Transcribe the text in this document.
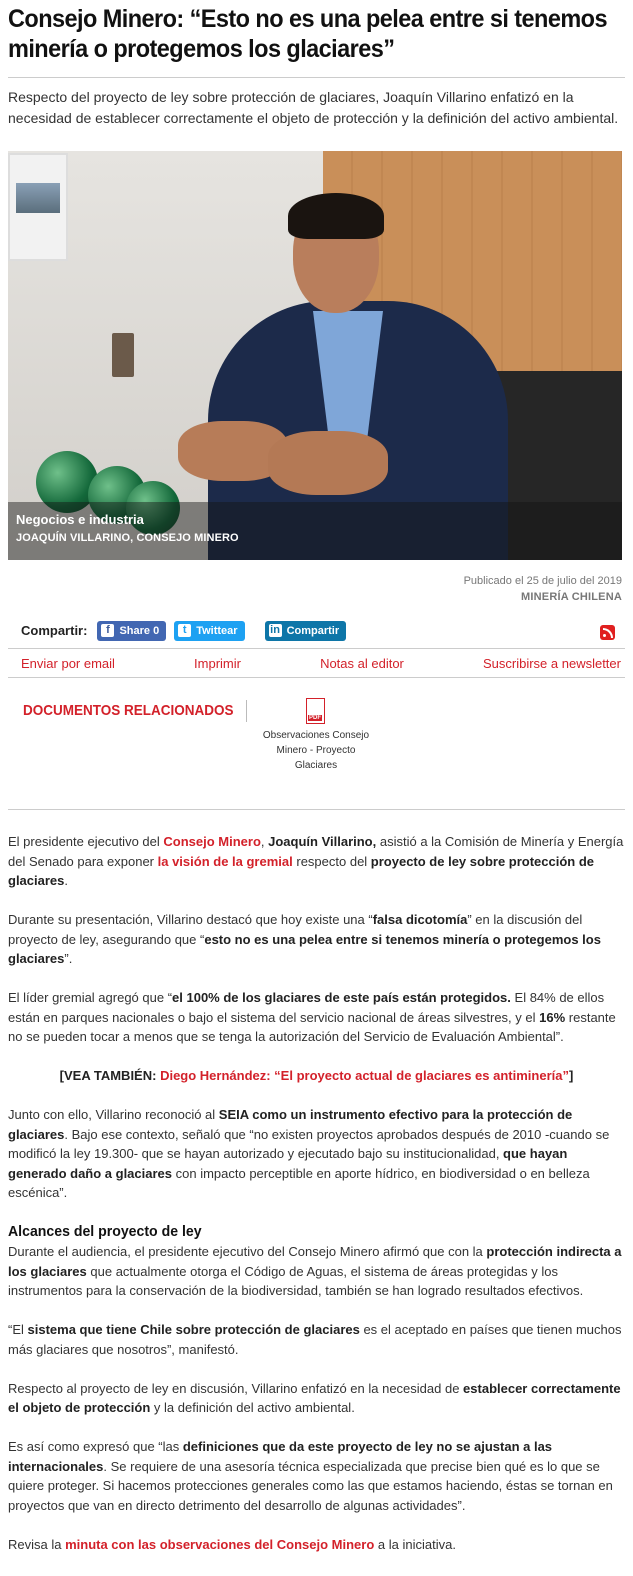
Consejo Minero: “Esto no es una pelea entre si tenemos minería o protegemos los glaciares”

Respecto del proyecto de ley sobre protección de glaciares, Joaquín Villarino enfatizó en la necesidad de establecer correctamente el objeto de protección y la definición del activo ambiental.

Negocios e industria
JOAQUÍN VILLARINO, CONSEJO MINERO
Publicado el 25 de julio del 2019
MINERÍA CHILENA
Compartir:	f Share 0	t Twittear	in Compartir
Enviar por email	Imprimir	Notas al editor	Suscribirse a newsletter
DOCUMENTOS RELACIONADOS	PDF
Observaciones Consejo Minero - Proyecto Glaciares

El presidente ejecutivo del Consejo Minero, Joaquín Villarino, asistió a la Comisión de Minería y Energía del Senado para exponer la visión de la gremial respecto del proyecto de ley sobre protección de glaciares.

Durante su presentación, Villarino destacó que hoy existe una “falsa dicotomía” en la discusión del proyecto de ley, asegurando que “esto no es una pelea entre si tenemos minería o protegemos los glaciares”.

El líder gremial agregó que “el 100% de los glaciares de este país están protegidos. El 84% de ellos están en parques nacionales o bajo el sistema del servicio nacional de áreas silvestres, y el 16% restante no se pueden tocar a menos que se tenga la autorización del Servicio de Evaluación Ambiental”.

[VEA TAMBIÉN: Diego Hernández: “El proyecto actual de glaciares es antiminería”]

Junto con ello, Villarino reconoció al SEIA como un instrumento efectivo para la protección de glaciares. Bajo ese contexto, señaló que “no existen proyectos aprobados después de 2010 -cuando se modificó la ley 19.300- que se hayan autorizado y ejecutado bajo su institucionalidad, que hayan generado daño a glaciares con impacto perceptible en aporte hídrico, en biodiversidad o en belleza escénica”.

Alcances del proyecto de ley

Durante el audiencia, el presidente ejecutivo del Consejo Minero afirmó que con la protección indirecta a los glaciares que actualmente otorga el Código de Aguas, el sistema de áreas protegidas y los instrumentos para la conservación de la biodiversidad, también se han logrado resultados efectivos.

“El sistema que tiene Chile sobre protección de glaciares es el aceptado en países que tienen muchos más glaciares que nosotros”, manifestó.

Respecto al proyecto de ley en discusión, Villarino enfatizó en la necesidad de establecer correctamente el objeto de protección y la definición del activo ambiental.

Es así como expresó que “las definiciones que da este proyecto de ley no se ajustan a las internacionales. Se requiere de una asesoría técnica especializada que precise bien qué es lo que se quiere proteger. Si hacemos protecciones generales como las que estamos haciendo, éstas se tornan en proyectos que van en directo detrimento del desarrollo de algunas actividades”.

Revisa la minuta con las observaciones del Consejo Minero a la iniciativa.
